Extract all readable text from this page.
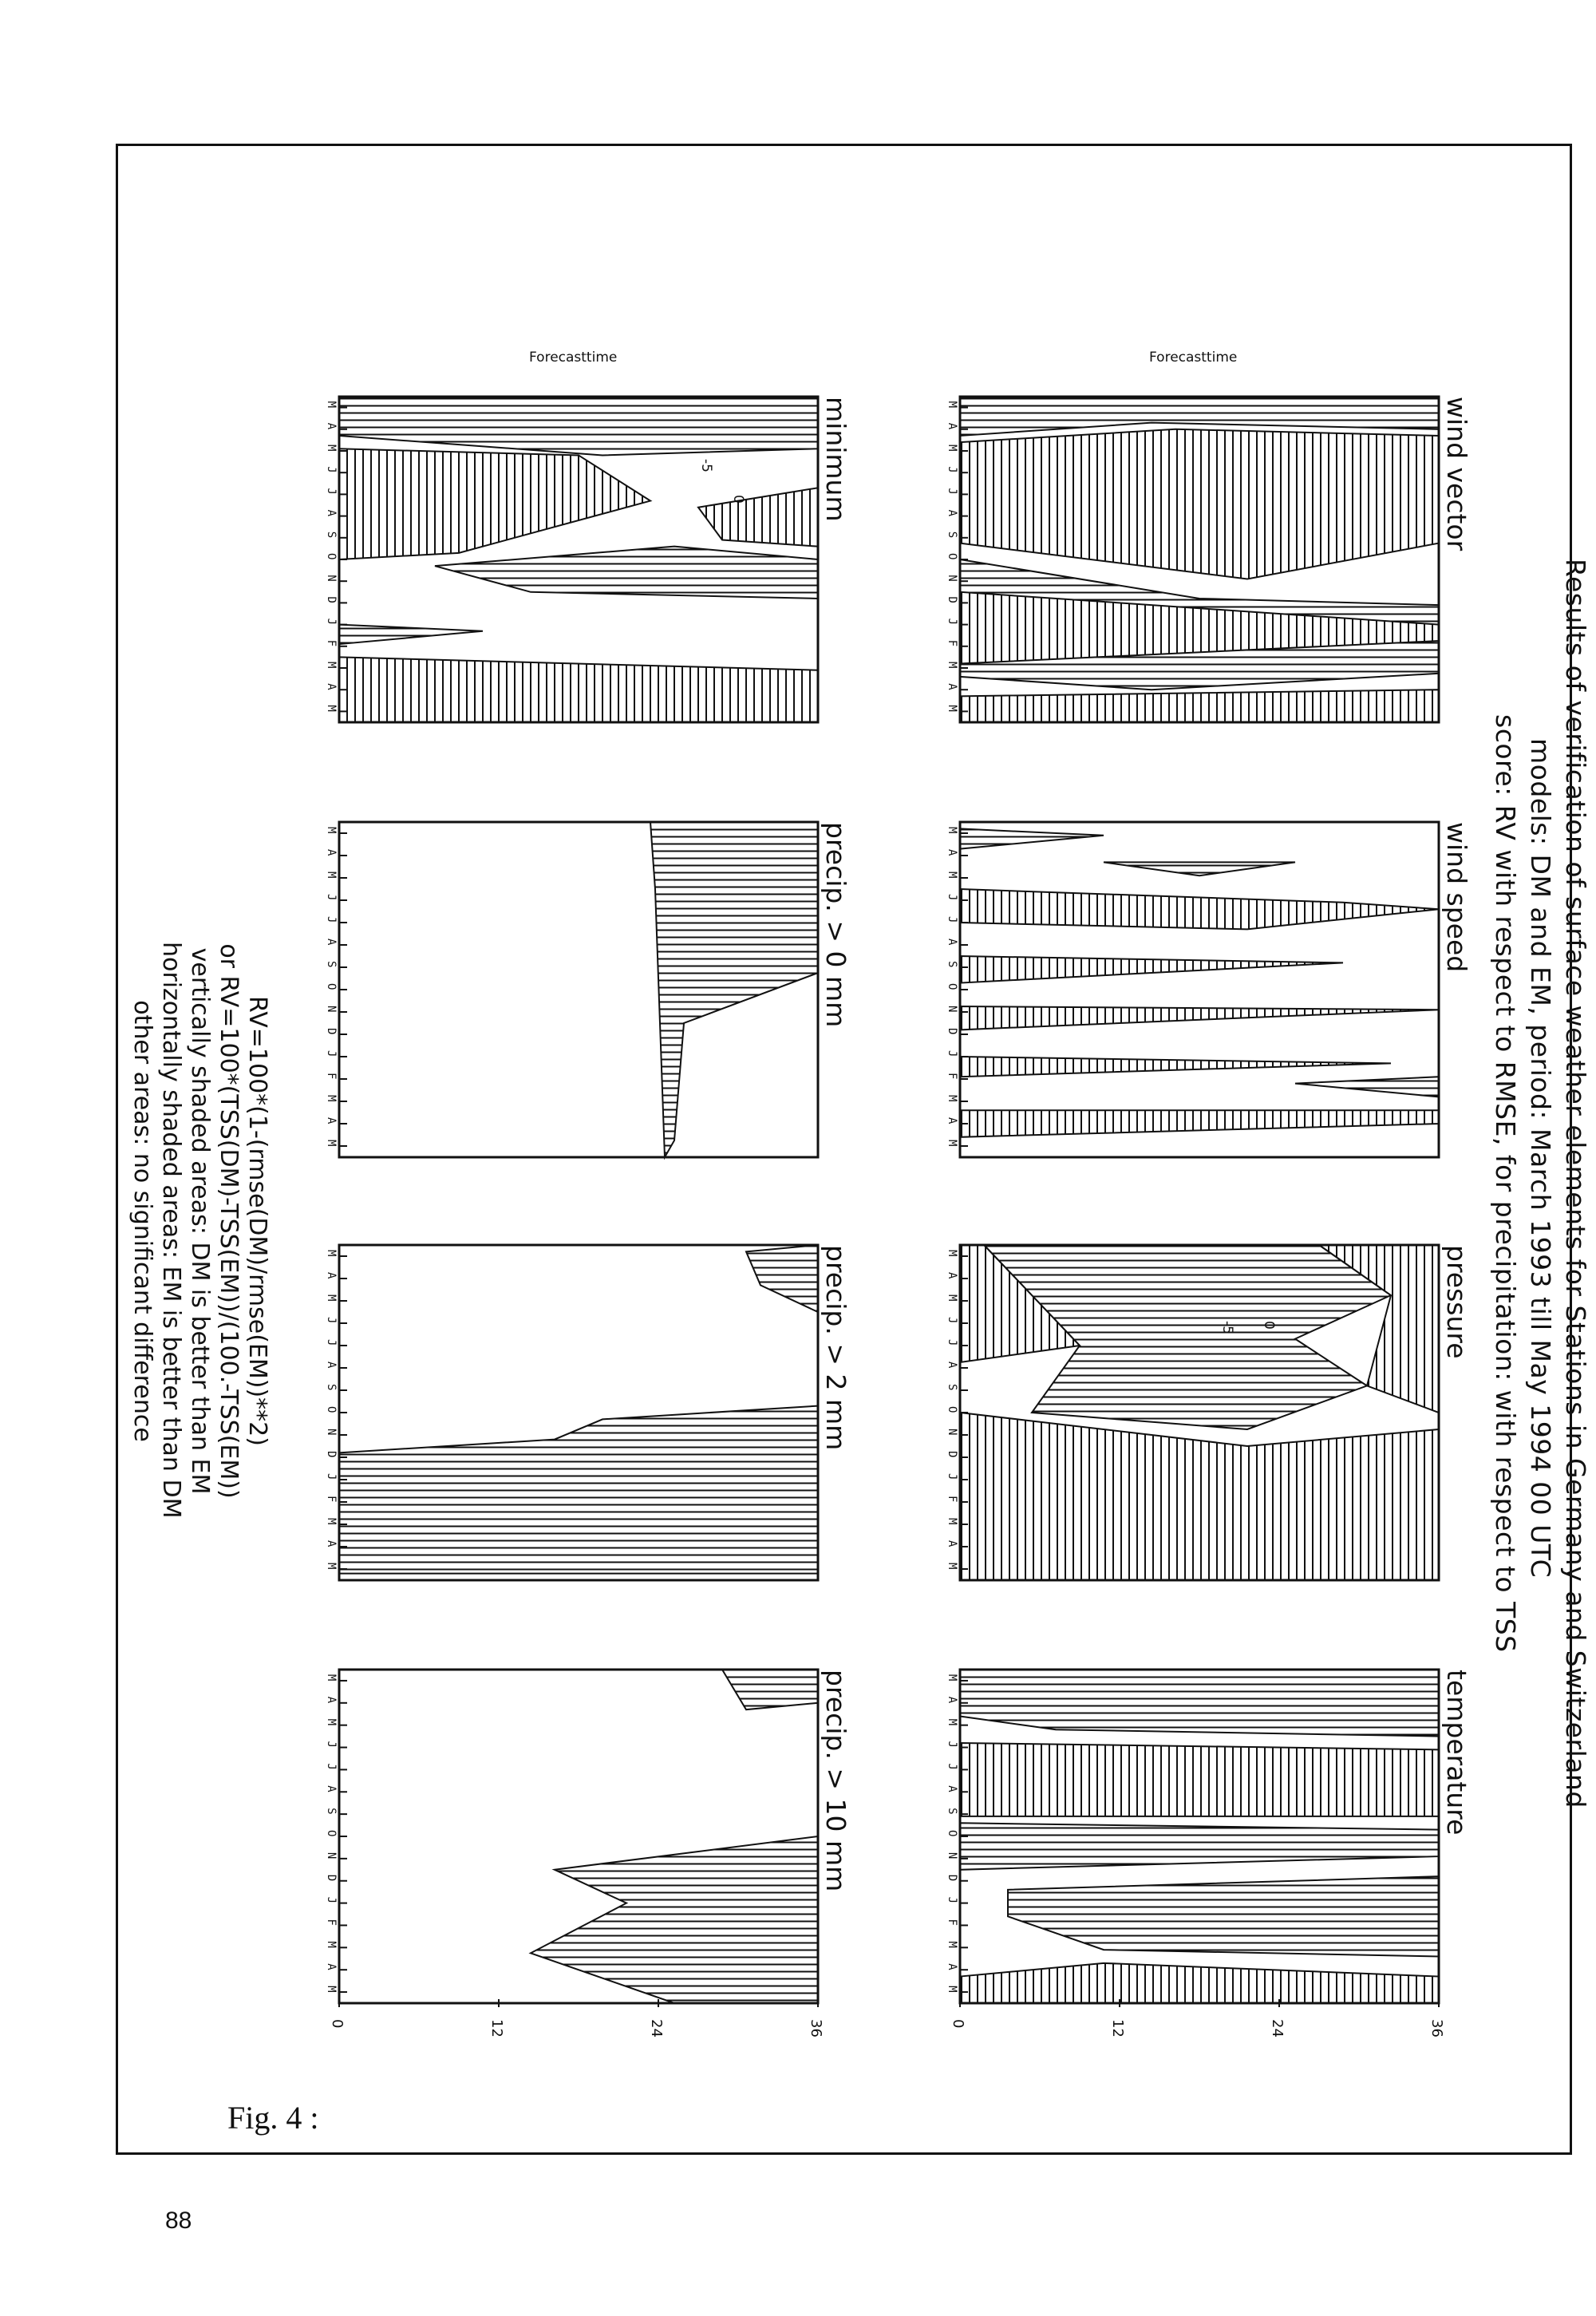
Results of verification of surface weather elements for Stations in Germany and Switzerland
models: DM and EM, period: March 1993 till May 1994 00 UTC
score: RV with respect to RMSE, for precipitation: with respect to TSS
RV=100*(1-(rmse(DM)/rmse(EM))**2)
or RV=100*(TSS(DM)-TSS(EM))/(100.-TSS(EM))
vertically shaded areas: DM is better than EM
horizontally shaded areas: EM is better than DM
other areas: no significant difference
Forecasttime	Forecasttime
Fig. 4 :
88
M
A
M
J
J
A
S
O
N
D
J
F
M
A
M
wind vector
M
A
M
J
J
A
S
O
N
D
J
F
M
A
M
wind speed
M
A
M
J
J
A
S
O
N
D
J
F
M
A
M
pressure
M
A
M
J
J
A
S
O
N
D
J
F
M
A
M
temperature
M
A
M
J
J
A
S
O
N
D
J
F
M
A
M
minimum
M
A
M
J
J
A
S
O
N
D
J
F
M
A
M
precip. > 0 mm
M
A
M
J
J
A
S
O
N
D
J
F
M
A
M
precip. > 2 mm
M
A
M
J
J
A
S
O
N
D
J
F
M
A
M
precip. > 10 mm
0	12	24	36
0	12	24	36
-5 0
0
-5
